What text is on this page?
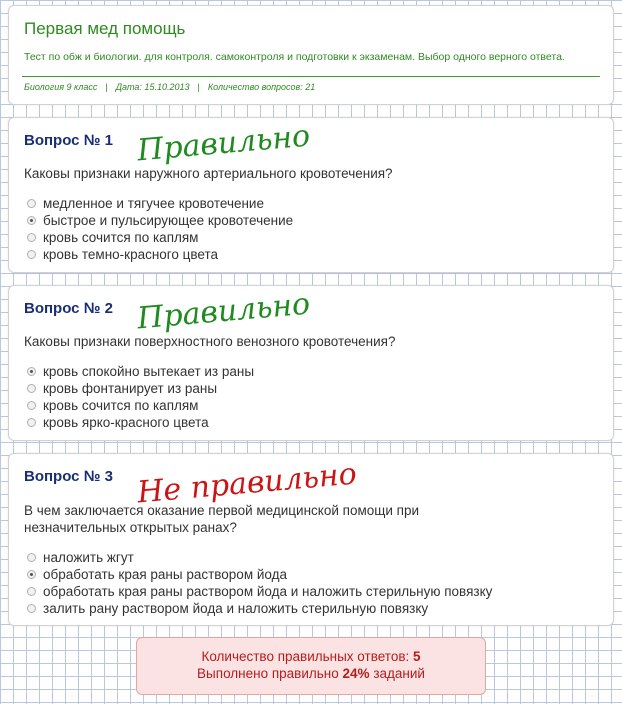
Первая мед помощь
Тест по обж и биологии. для контроля. самоконтроля и подготовки к экзаменам. Выбор одного верного ответа.
Биология 9 класс | Дата: 15.10.2013 | Количество вопросов: 21
Вопрос № 1
Каковы признаки наружного артериального кровотечения?
медленное и тягучее кровотечение
быстрое и пульсирующее кровотечение
кровь сочится по каплям
кровь темно-красного цвета
Правильно
Вопрос № 2
Каковы признаки поверхностного венозного кровотечения?
кровь спокойно вытекает из раны
кровь фонтанирует из раны
кровь сочится по каплям
кровь ярко-красного цвета
Правильно
Вопрос № 3
В чем заключается оказание первой медицинской помощи при
незначительных открытых ранах?
наложить жгут
обработать края раны раствором йода
обработать края раны раствором йода и наложить стерильную повязку
залить рану раствором йода и наложить стерильную повязку
Не правильно
Количество правильных ответов: 5
Выполнено правильно 24% заданий
